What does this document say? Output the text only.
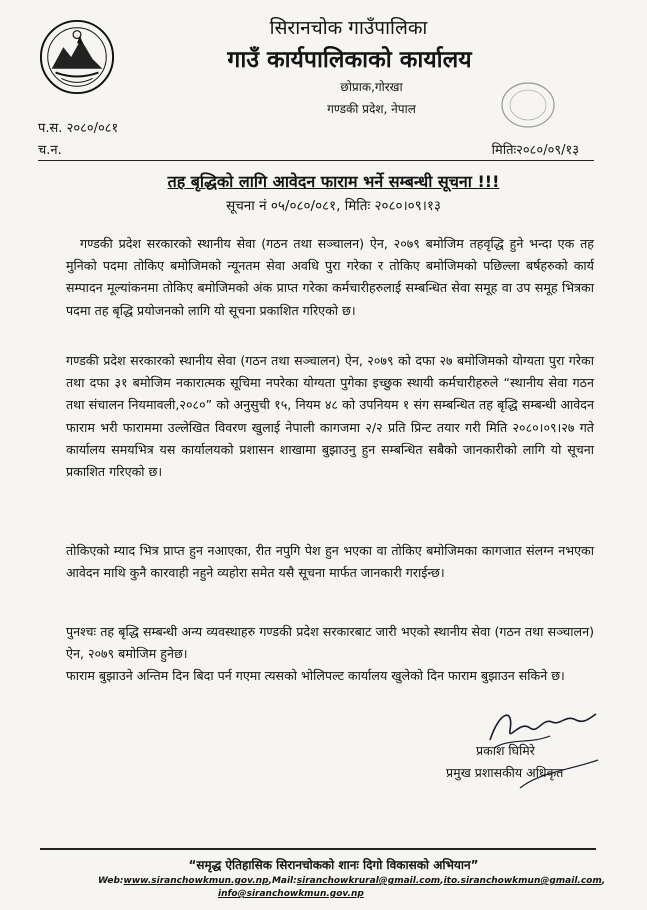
सिरानचोक गाउँपालिका
गाउँ कार्यपालिकाको कार्यालय
छोप्राक,गोरखा
गण्डकी प्रदेश, नेपाल
प.स. २०८०/०८१
च.न.	मितिः२०८०/०९/१३
तह बृद्धिको लागि आवेदन फाराम भर्ने सम्बन्धी सूचना !!!
सूचना नं ०५/०८०/०८१, मितिः २०८०।०९।१३

गण्डकी प्रदेश सरकारको स्थानीय सेवा (गठन तथा सञ्चालन) ऐन, २०७९ बमोजिम तहवृद्धि हुने भन्दा एक तह मुनिको पदमा तोकिए बमोजिमको न्यूनतम सेवा अवधि पुरा गरेका र तोकिए बमोजिमको पछिल्ला बर्षहरुको कार्य सम्पादन मूल्यांकनमा तोकिए बमोजिमको अंक प्राप्त गरेका कर्मचारीहरुलाई सम्बन्धित सेवा समूह वा उप समूह भित्रका पदमा तह बृद्धि प्रयोजनको लागि यो सूचना प्रकाशित गरिएको छ।

गण्डकी प्रदेश सरकारको स्थानीय सेवा (गठन तथा सञ्चालन) ऐन, २०७९ को दफा २७ बमोजिमको योग्यता पुरा गरेका तथा दफा ३१ बमोजिम नकारात्मक सूचिमा नपरेका योग्यता पुगेका इच्छुक स्थायी कर्मचारीहरुले “स्थानीय सेवा गठन तथा संचालन नियमावली,२०८०” को अनुसुची १५, नियम ४८ को उपनियम १ संग सम्बन्धित तह बृद्धि सम्बन्धी आवेदन फाराम भरी फाराममा उल्लेखित विवरण खुलाई नेपाली कागजमा २/२ प्रति प्रिन्ट तयार गरी मिति २०८०।०९।२७ गते कार्यालय समयभित्र यस कार्यालयको प्रशासन शाखामा बुझाउनु हुन सम्बन्धित सबैको जानकारीको लागि यो सूचना प्रकाशित गरिएको छ।

तोकिएको म्याद भित्र प्राप्त हुन नआएका, रीत नपुगि पेश हुन भएका वा तोकिए बमोजिमका कागजात संलग्न नभएका आवेदन माथि कुनै कारवाही नहुने व्यहोरा समेत यसै सूचना मार्फत जानकारी गराईन्छ।

पुनश्चः तह बृद्धि सम्बन्धी अन्य व्यवस्थाहरु गण्डकी प्रदेश सरकारबाट जारी भएको स्थानीय सेवा (गठन तथा सञ्चालन) ऐन, २०७९ बमोजिम हुनेछ।

फाराम बुझाउने अन्तिम दिन बिदा पर्न गएमा त्यसको भोलिपल्ट कार्यालय खुलेको दिन फाराम बुझाउन सकिने छ।

प्रकाश घिमिरे
प्रमुख प्रशासकीय अधिकृत
“समृद्ध ऐतिहासिक सिरानचोकको शानः दिगो विकासको अभियान”
Web:www.siranchowkmun.gov.np,Mail:siranchowkrural@gmail.com,ito.siranchowkmun@gmail.com,
info@siranchowkmun.gov.np
